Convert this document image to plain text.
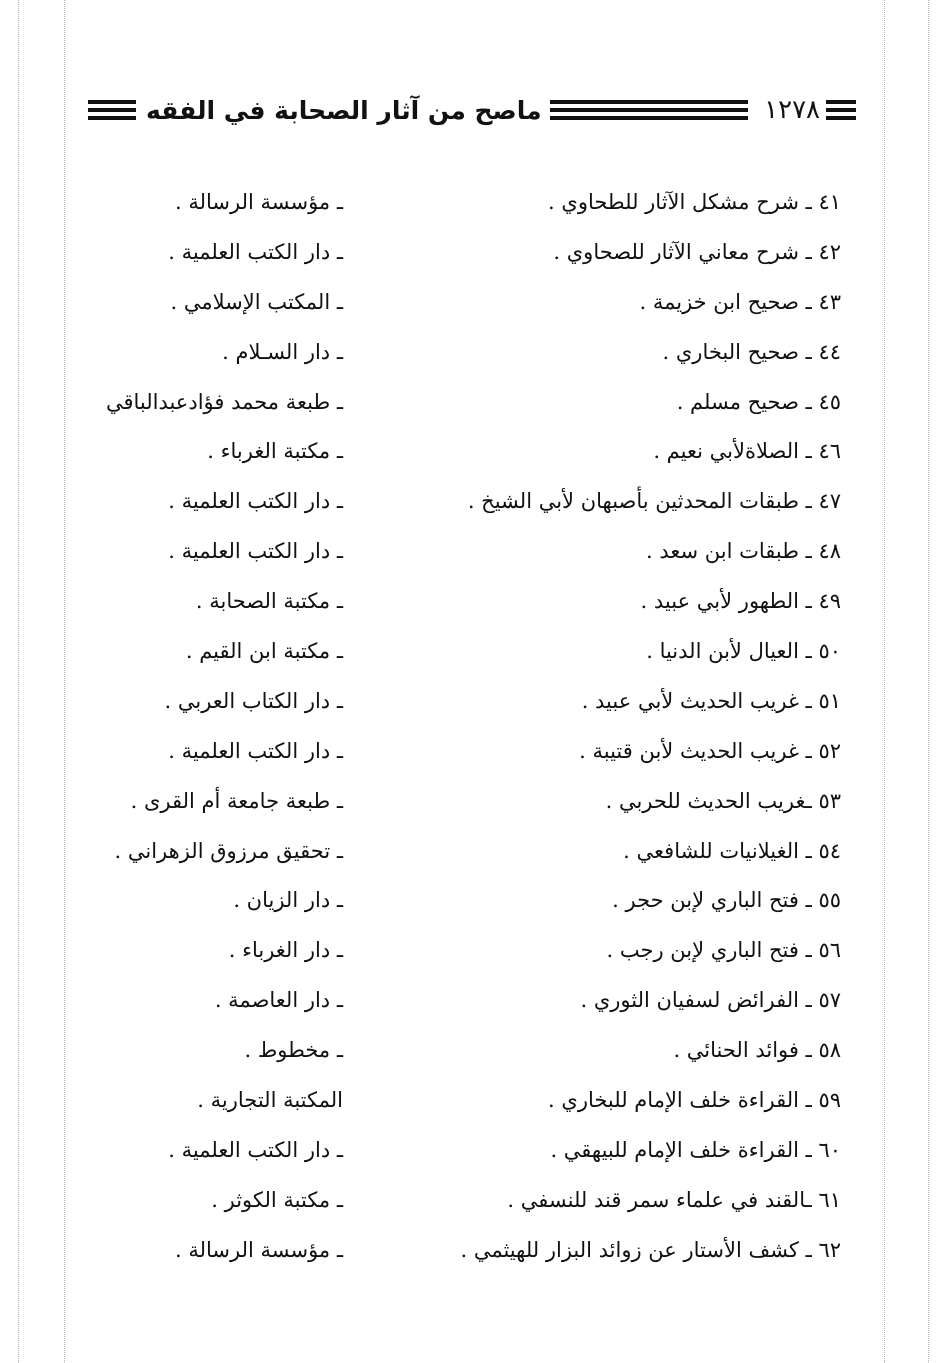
١٢٧٨
ماصح من آثار الصحابة في الفقه
٤١ ـ شرح مشكل الآثار للطحاوي .
ـ مؤسسة الرسالة .
٤٢ ـ شرح معاني الآثار للصحاوي .
ـ دار الكتب العلمية .
٤٣ ـ صحيح ابن خزيمة .
ـ المكتب الإسلامي .
٤٤ ـ صحيح البخاري .
ـ دار السـلام .
٤٥ ـ صحيح مسلم .
ـ طبعة محمد فؤادعبدالباقي
٤٦ ـ الصلاةلأبي نعيم .
ـ مكتبة الغرباء .
٤٧ ـ طبقات المحدثين بأصبهان لأبي الشيخ .
ـ دار الكتب العلمية .
٤٨ ـ طبقات ابن سعد .
ـ دار الكتب العلمية .
٤٩ ـ الطهور لأبي عبيد .
ـ مكتبة الصحابة .
٥٠ ـ العيال لأبن الدنيا .
ـ مكتبة ابن القيم .
٥١ ـ غريب الحديث لأبي عبيد .
ـ دار الكتاب العربي .
٥٢ ـ غريب الحديث لأبن قتيبة .
ـ دار الكتب العلمية .
٥٣ ـغريب الحديث للحربي .
ـ طبعة جامعة أم القرى .
٥٤ ـ الغيلانيات للشافعي .
ـ تحقيق مرزوق الزهراني .
٥٥ ـ فتح الباري لإبن حجر .
ـ دار الزيان .
٥٦ ـ فتح الباري لإبن رجب .
ـ دار الغرباء .
٥٧ ـ الفرائض لسفيان الثوري .
ـ دار العاصمة .
٥٨ ـ فوائد الحنائي .
ـ مخطوط .
٥٩ ـ القراءة خلف الإمام للبخاري .
المكتبة التجارية .
٦٠ ـ القراءة خلف الإمام للبيهقي .
ـ دار الكتب العلمية .
٦١ ـالقند في علماء سمر قند للنسفي .
ـ مكتبة الكوثر .
٦٢ ـ كشف الأستار عن زوائد البزار للهيثمي .
ـ مؤسسة الرسالة .
